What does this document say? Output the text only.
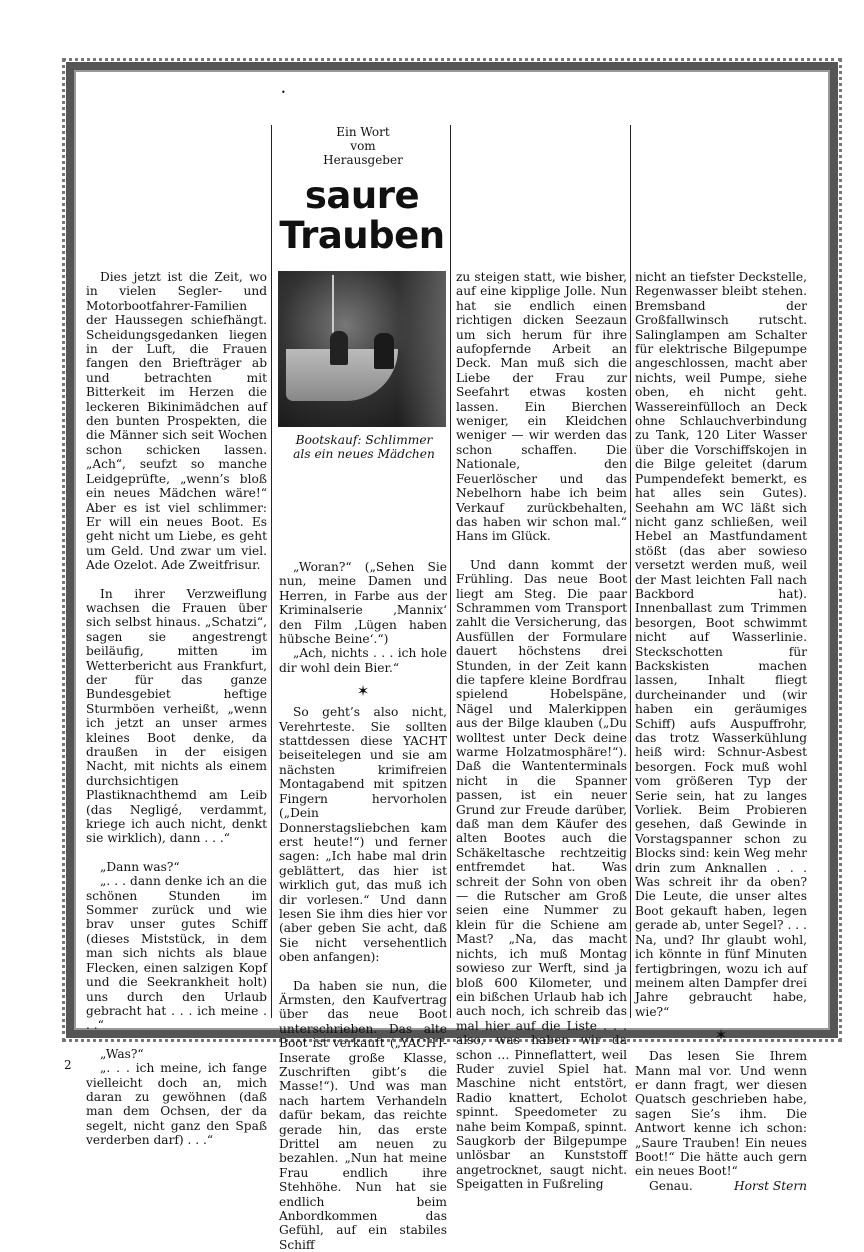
•
Ein Wort
vom
Herausgeber
saure
Trauben
Bootskauf: Schlimmer
als ein neues Mädchen

Dies jetzt ist die Zeit, wo in vielen Segler- und Motorbootfahrer-Familien der Haussegen schiefhängt. Scheidungsgedanken liegen in der Luft, die Frauen fangen den Briefträger ab und betrachten mit Bitterkeit im Herzen die leckeren Bikinimädchen auf den bunten Prospekten, die die Männer sich seit Wochen schon schicken lassen. „Ach“, seufzt so manche Leidgeprüfte, „wenn’s bloß ein neues Mädchen wäre!“ Aber es ist viel schlimmer: Er will ein neues Boot. Es geht nicht um Liebe, es geht um Geld. Und zwar um viel. Ade Ozelot. Ade Zweitfrisur.

In ihrer Verzweiflung wachsen die Frauen über sich selbst hinaus. „Schatzi“, sagen sie angestrengt beiläufig, mitten im Wetterbericht aus Frankfurt, der für das ganze Bundesgebiet heftige Sturmböen verheißt, „wenn ich jetzt an unser armes kleines Boot denke, da draußen in der eisigen Nacht, mit nichts als einem durchsichtigen Plastiknachthemd am Leib (das Negligé, verdammt, kriege ich auch nicht, denkt sie wirklich), dann . . .“

„Dann was?“

„. . . dann denke ich an die schönen Stunden im Sommer zurück und wie brav unser gutes Schiff (dieses Miststück, in dem man sich nichts als blaue Flecken, einen salzigen Kopf und die Seekrankheit holt) uns durch den Urlaub gebracht hat . . . ich meine . . .“

„Was?“

„. . . ich meine, ich fange vielleicht doch an, mich daran zu gewöhnen (daß man dem Ochsen, der da segelt, nicht ganz den Spaß verderben darf) . . .“

„Woran?“ („Sehen Sie nun, meine Damen und Herren, in Farbe aus der Kriminalserie ‚Mannix‘ den Film ‚Lügen haben hübsche Beine‘.“)

„Ach, nichts . . . ich hole dir wohl dein Bier.“

✶

So geht’s also nicht, Verehrteste. Sie sollten stattdessen diese YACHT beiseitelegen und sie am nächsten krimifreien Montagabend mit spitzen Fingern hervorholen („Dein Donnerstagsliebchen kam erst heute!“) und ferner sagen: „Ich habe mal drin geblättert, das hier ist wirklich gut, das muß ich dir vorlesen.“ Und dann lesen Sie ihm dies hier vor (aber geben Sie acht, daß Sie nicht versehentlich oben anfangen):

Da haben sie nun, die Ärmsten, den Kaufvertrag über das neue Boot unterschrieben. Das alte Boot ist verkauft („YACHT-Inserate große Klasse, Zuschriften gibt’s die Masse!“). Und was man nach hartem Verhandeln dafür bekam, das reichte gerade hin, das erste Drittel am neuen zu bezahlen. „Nun hat meine Frau endlich ihre Stehhöhe. Nun hat sie endlich beim Anbordkommen das Gefühl, auf ein stabiles Schiff

zu steigen statt, wie bisher, auf eine kipplige Jolle. Nun hat sie endlich einen richtigen dicken Seezaun um sich herum für ihre aufopfernde Arbeit an Deck. Man muß sich die Liebe der Frau zur Seefahrt etwas kosten lassen. Ein Bierchen weniger, ein Kleidchen weniger — wir werden das schon schaffen. Die Nationale, den Feuerlöscher und das Nebelhorn habe ich beim Verkauf zurückbehalten, das haben wir schon mal.“ Hans im Glück.

Und dann kommt der Frühling. Das neue Boot liegt am Steg. Die paar Schrammen vom Transport zahlt die Versicherung, das Ausfüllen der Formulare dauert höchstens drei Stunden, in der Zeit kann die tapfere kleine Bordfrau spielend Hobelspäne, Nägel und Malerkippen aus der Bilge klauben („Du wolltest unter Deck deine warme Holzatmosphäre!“). Daß die Wantenterminals nicht in die Spanner passen, ist ein neuer Grund zur Freude darüber, daß man dem Käufer des alten Bootes auch die Schäkeltasche rechtzeitig entfremdet hat. Was schreit der Sohn von oben — die Rutscher am Groß seien eine Nummer zu klein für die Schiene am Mast? „Na, das macht nichts, ich muß Montag sowieso zur Werft, sind ja bloß 600 Kilometer, und ein bißchen Urlaub hab ich auch noch, ich schreib das mal hier auf die Liste . . . also, was haben wir da schon … Pinneflattert, weil Ruder zuviel Spiel hat. Maschine nicht entstört, Radio knattert, Echolot spinnt. Speedometer zu nahe beim Kompaß, spinnt. Saugkorb der Bilgepumpe unlösbar an Kunststoff angetrocknet, saugt nicht. Speigatten in Fußreling

nicht an tiefster Deckstelle, Regenwasser bleibt stehen. Bremsband der Großfallwinsch rutscht. Salinglampen am Schalter für elektrische Bilgepumpe angeschlossen, macht aber nichts, weil Pumpe, siehe oben, eh nicht geht. Wassereinfülloch an Deck ohne Schlauchverbindung zu Tank, 120 Liter Wasser über die Vorschiffskojen in die Bilge geleitet (darum Pumpendefekt bemerkt, es hat alles sein Gutes). Seehahn am WC läßt sich nicht ganz schließen, weil Hebel an Mastfundament stößt (das aber sowieso versetzt werden muß, weil der Mast leichten Fall nach Backbord hat). Innenballast zum Trimmen besorgen, Boot schwimmt nicht auf Wasserlinie. Steckschotten für Backskisten machen lassen, Inhalt fliegt durcheinander und (wir haben ein geräumiges Schiff) aufs Auspuffrohr, das trotz Wasserkühlung heiß wird: Schnur-Asbest besorgen. Fock muß wohl vom größeren Typ der Serie sein, hat zu langes Vorliek. Beim Probieren gesehen, daß Gewinde in Vorstagspanner schon zu Blocks sind: kein Weg mehr drin zum Anknallen . . . Was schreit ihr da oben? Die Leute, die unser altes Boot gekauft haben, legen gerade ab, unter Segel? . . . Na, und? Ihr glaubt wohl, ich könnte in fünf Minuten fertigbringen, wozu ich auf meinem alten Dampfer drei Jahre gebraucht habe, wie?“

✶

Das lesen Sie Ihrem Mann mal vor. Und wenn er dann fragt, wer diesen Quatsch geschrieben habe, sagen Sie’s ihm. Die Antwort kenne ich schon: „Saure Trauben! Ein neues Boot!“ Die hätte auch gern ein neues Boot!“

Genau.	Horst Stern

2
